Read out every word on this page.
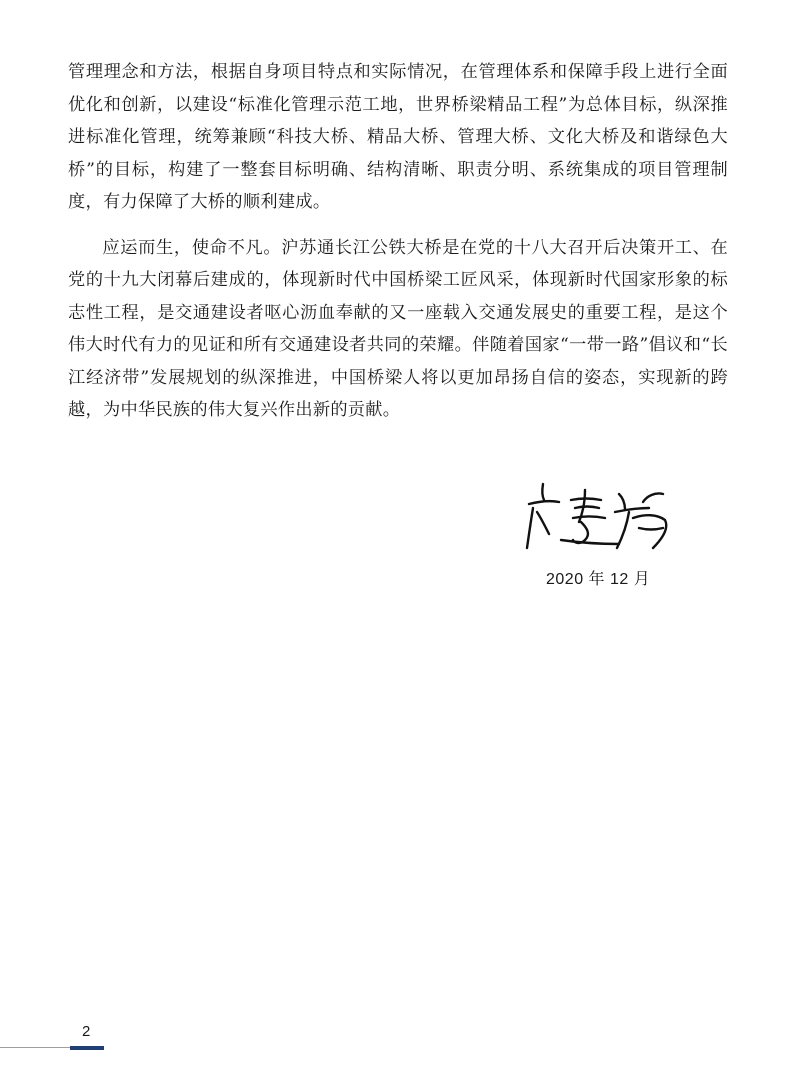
管理理念和方法，根据自身项目特点和实际情况，在管理体系和保障手段上进行全面优化和创新，以建设“标准化管理示范工地，世界桥梁精品工程”为总体目标，纵深推进标准化管理，统筹兼顾“科技大桥、精品大桥、管理大桥、文化大桥及和谐绿色大桥”的目标，构建了一整套目标明确、结构清晰、职责分明、系统集成的项目管理制度，有力保障了大桥的顺利建成。

应运而生，使命不凡。沪苏通长江公铁大桥是在党的十八大召开后决策开工、在党的十九大闭幕后建成的，体现新时代中国桥梁工匠风采，体现新时代国家形象的标志性工程，是交通建设者呕心沥血奉献的又一座载入交通发展史的重要工程，是这个伟大时代有力的见证和所有交通建设者共同的荣耀。伴随着国家“一带一路”倡议和“长江经济带”发展规划的纵深推进，中国桥梁人将以更加昂扬自信的姿态，实现新的跨越，为中华民族的伟大复兴作出新的贡献。

2020 年 12 月
2
